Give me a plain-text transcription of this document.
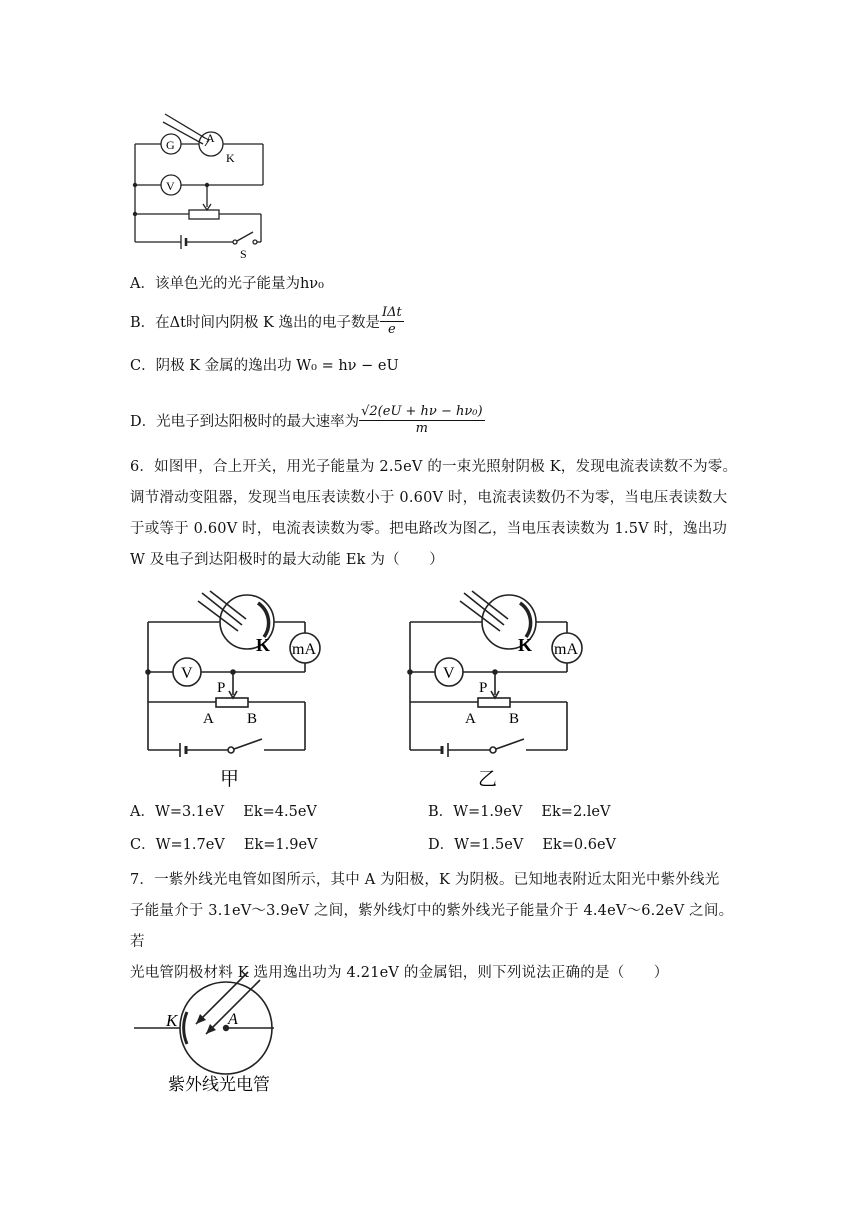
G	A
K
V
S
A．该单色光的光子能量为hν₀
B．在Δt时间内阴极 K 逸出的电子数是 $\frac{\text{IΔt}}{e}$
C．阴极 K 金属的逸出功 W₀ = hν − eU
D．光电子到达阳极时的最大速率为 $\frac{\text{√2(eU + hν − hν₀)}}{m}$
6．如图甲，合上开关，用光子能量为 2.5eV 的一束光照射阴极 K，发现电流表读数不为零。
调节滑动变阻器，发现当电压表读数小于 0.60V 时，电流表读数仍不为零，当电压表读数大
于或等于 0.60V 时，电流表读数为零。把电路改为图乙，当电压表读数为 1.5V 时，逸出功
W 及电子到达阳极时的最大动能 Ek 为（　　）
K mA
V
P
A B
甲
K mA
V
P
A B
乙
A．W=3.1eV　 Ek=4.5eV	B．W=1.9eV　 Ek=2.leV
C．W=1.7eV　 Ek=1.9eV	D．W=1.5eV　 Ek=0.6eV
7．一紫外线光电管如图所示，其中 A 为阳极，K 为阴极。已知地表附近太阳光中紫外线光
子能量介于 3.1eV～3.9eV 之间，紫外线灯中的紫外线光子能量介于 4.4eV～6.2eV 之间。若
光电管阴极材料 K 选用逸出功为 4.21eV 的金属铝，则下列说法正确的是（　　）
K	A
紫外线光电管
